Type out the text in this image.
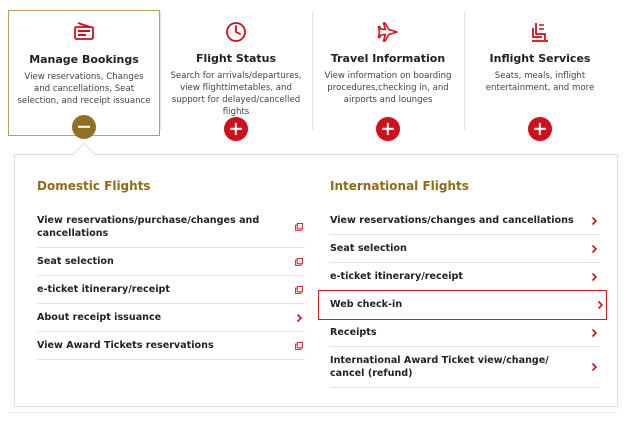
Manage Bookings
View reservations, Changes and cancellations, Seat selection, and receipt issuance
Flight Status
Search for arrivals/departures, view flighttimetables, and support for delayed/cancelled flights
Travel Information
View information on boarding procedures,checking in, and airports and lounges
Inflight Services
Seats, meals, inflight entertainment, and more
Domestic Flights
View reservations/purchase/changes and cancellations
Seat selection
e-ticket itinerary/receipt
About receipt issuance
View Award Tickets reservations
International Flights
View reservations/changes and cancellations
Seat selection
e-ticket itinerary/receipt
Web check-in
Receipts
International Award Ticket view/change/ cancel (refund)
